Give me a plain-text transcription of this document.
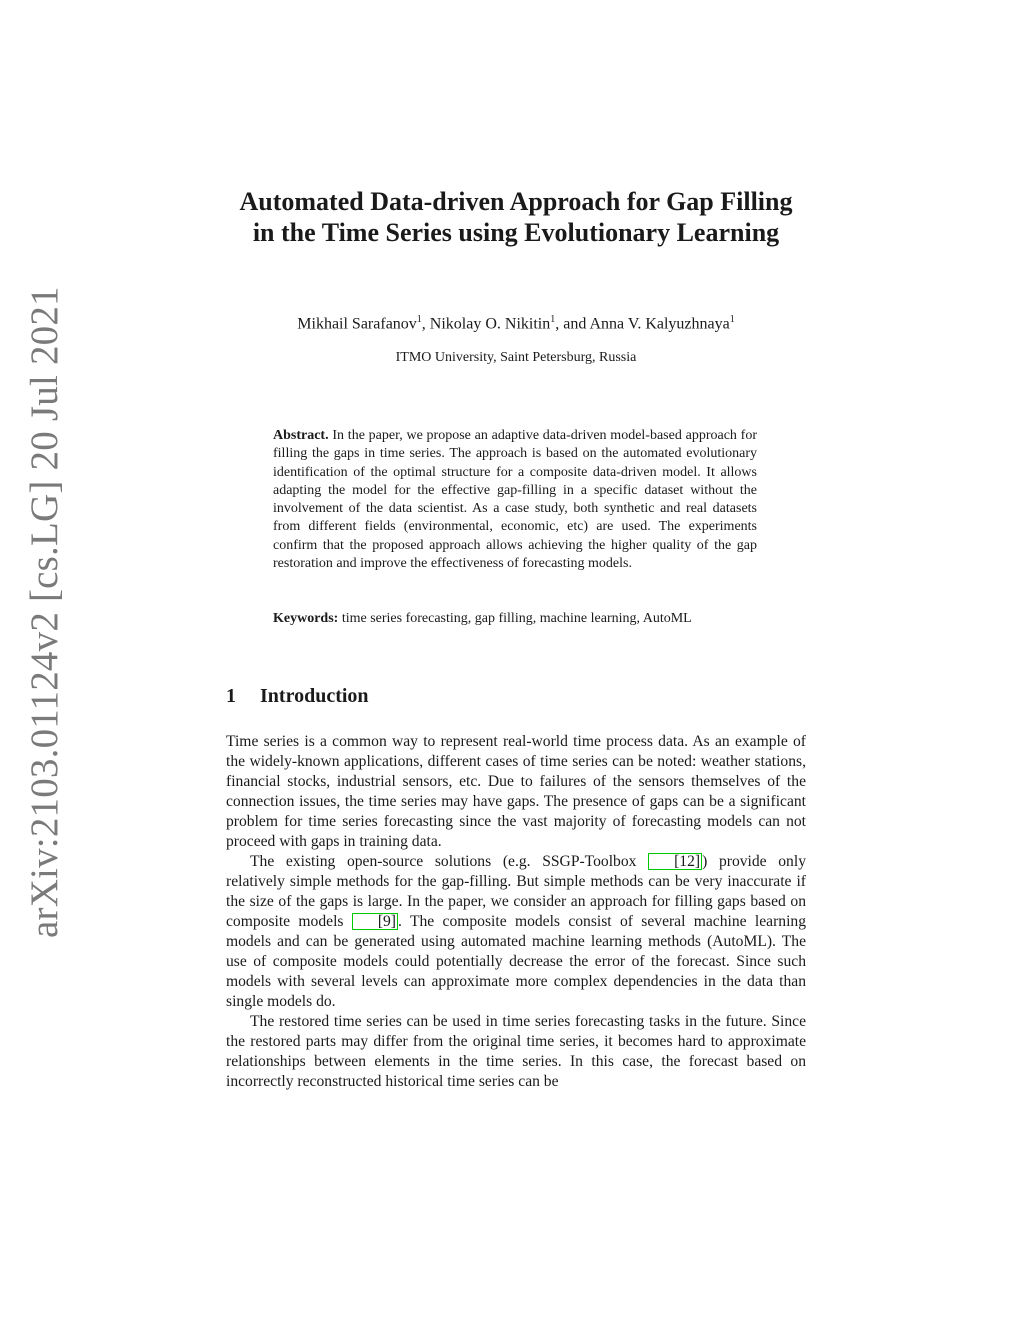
arXiv:2103.01124v2 [cs.LG] 20 Jul 2021
Automated Data-driven Approach for Gap Filling in the Time Series using Evolutionary Learning
Mikhail Sarafanov$^1$, Nikolay O. Nikitin$^1$, and Anna V. Kalyuzhnaya$^1$
ITMO University, Saint Petersburg, Russia
Abstract. In the paper, we propose an adaptive data-driven model-based approach for filling the gaps in time series. The approach is based on the automated evolutionary identification of the optimal structure for a composite data-driven model. It allows adapting the model for the effective gap-filling in a specific dataset without the involvement of the data scientist. As a case study, both synthetic and real datasets from different fields (environmental, economic, etc) are used. The experiments confirm that the proposed approach allows achieving the higher quality of the gap restoration and improve the effectiveness of forecasting models.
Keywords: time series forecasting, gap filling, machine learning, AutoML
1 Introduction

Time series is a common way to represent real-world time process data. As an example of the widely-known applications, different cases of time series can be noted: weather stations, financial stocks, industrial sensors, etc. Due to failures of the sensors themselves of the connection issues, the time series may have gaps. The presence of gaps can be a significant problem for time series forecasting since the vast majority of forecasting models can not proceed with gaps in training data.

The existing open-source solutions (e.g. SSGP-Toolbox [12] ) provide only relatively simple methods for the gap-filling. But simple methods can be very inaccurate if the size of the gaps is large. In the paper, we consider an approach for filling gaps based on composite models [9] . The composite models consist of several machine learning models and can be generated using automated machine learning methods (AutoML). The use of composite models could potentially decrease the error of the forecast. Since such models with several levels can approximate more complex dependencies in the data than single models do.

The restored time series can be used in time series forecasting tasks in the future. Since the restored parts may differ from the original time series, it becomes hard to approximate relationships between elements in the time series. In this case, the forecast based on incorrectly reconstructed historical time series can be
